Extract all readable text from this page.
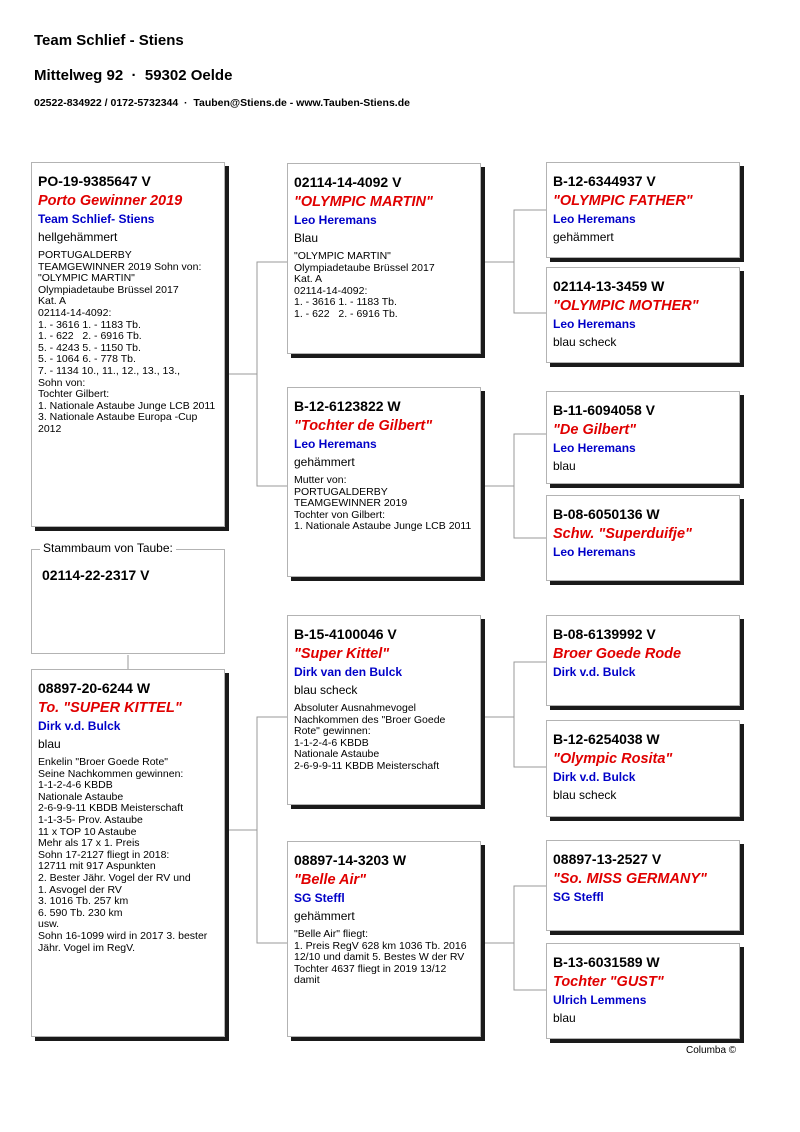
Team Schlief - Stiens
Mittelweg 92  ·  59302 Oelde
02522-834922 / 0172-5732344  ·  Tauben@Stiens.de - www.Tauben-Stiens.de
PO-19-9385647 V
Porto Gewinner 2019
Team Schlief- Stiens
hellgehämmert
PORTUGALDERBY
TEAMGEWINNER 2019 Sohn von:
"OLYMPIC MARTIN"
Olympiadetaube Brüssel 2017
Kat. A
02114-14-4092:
1. - 3616 1. - 1183 Tb.
1. - 622   2. - 6916 Tb.
5. - 4243 5. - 1150 Tb.
5. - 1064 6. - 778 Tb.
7. - 1134 10., 11., 12., 13., 13.,
Sohn von:
Tochter Gilbert:
1. Nationale Astaube Junge LCB 2011
3. Nationale Astaube Europa -Cup 2012
Stammbaum von Taube:
02114-22-2317 V
08897-20-6244 W
To. "SUPER KITTEL"
Dirk v.d. Bulck
blau
Enkelin "Broer Goede Rote"
Seine Nachkommen gewinnen:
1-1-2-4-6 KBDB
Nationale Astaube
2-6-9-9-11 KBDB Meisterschaft
1-1-3-5- Prov. Astaube
11 x TOP 10 Astaube
Mehr als 17 x 1. Preis
Sohn 17-2127 fliegt in 2018:
12711 mit 917 Aspunkten
2. Bester Jähr. Vogel der RV und
1. Asvogel der RV
3. 1016 Tb. 257 km
6. 590 Tb. 230 km
usw.
Sohn 16-1099 wird in 2017 3. bester Jähr. Vogel im RegV.
02114-14-4092 V
"OLYMPIC MARTIN"
Leo Heremans
Blau
"OLYMPIC MARTIN"
Olympiadetaube Brüssel 2017
Kat. A
02114-14-4092:
1. - 3616 1. - 1183 Tb.
1. - 622   2. - 6916 Tb.
B-12-6123822 W
"Tochter de Gilbert"
Leo Heremans
gehämmert
Mutter von:
PORTUGALDERBY
TEAMGEWINNER 2019
Tochter von Gilbert:
1. Nationale Astaube Junge LCB 2011
B-15-4100046 V
"Super Kittel"
Dirk van den Bulck
blau scheck
Absoluter Ausnahmevogel
Nachkommen des "Broer Goede Rote" gewinnen:
1-1-2-4-6 KBDB
Nationale Astaube
2-6-9-9-11 KBDB Meisterschaft
08897-14-3203 W
"Belle Air"
SG Steffl
gehämmert
"Belle Air" fliegt:
1. Preis RegV 628 km 1036 Tb. 2016 12/10 und damit 5. Bestes W der RV
Tochter 4637 fliegt in 2019 13/12 damit
B-12-6344937 V
"OLYMPIC FATHER"
Leo Heremans
gehämmert
02114-13-3459 W
"OLYMPIC MOTHER"
Leo Heremans
blau scheck
B-11-6094058 V
"De Gilbert"
Leo Heremans
blau
B-08-6050136 W
Schw. "Superduifje"
Leo Heremans
B-08-6139992 V
Broer Goede Rode
Dirk v.d. Bulck
B-12-6254038 W
"Olympic Rosita"
Dirk v.d. Bulck
blau scheck
08897-13-2527 V
"So. MISS GERMANY"
SG Steffl
B-13-6031589 W
Tochter "GUST"
Ulrich Lemmens
blau
Columba ©
